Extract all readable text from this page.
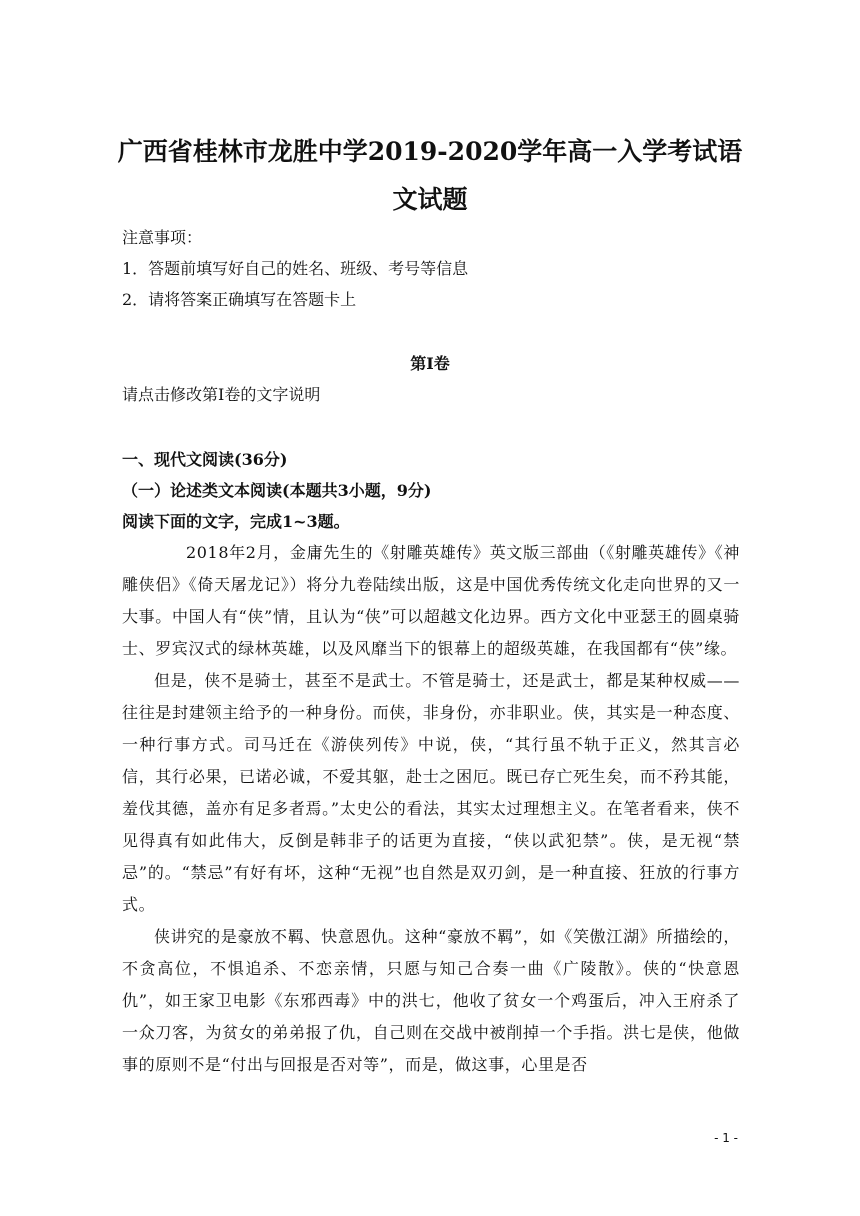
广西省桂林市龙胜中学2019-2020学年高一入学考试语文试题
注意事项：
1．答题前填写好自己的姓名、班级、考号等信息
2．请将答案正确填写在答题卡上
第I卷
请点击修改第I卷的文字说明
一、现代文阅读(36分)
（一）论述类文本阅读(本题共3小题，9分)
阅读下面的文字，完成1~3题。

2018年2月，金庸先生的《射雕英雄传》英文版三部曲（《射雕英雄传》《神雕侠侣》《倚天屠龙记》）将分九卷陆续出版，这是中国优秀传统文化走向世界的又一大事。中国人有“侠”情，且认为“侠”可以超越文化边界。西方文化中亚瑟王的圆桌骑士、罗宾汉式的绿林英雄，以及风靡当下的银幕上的超级英雄，在我国都有“侠”缘。

但是，侠不是骑士，甚至不是武士。不管是骑士，还是武士，都是某种权威——往往是封建领主给予的一种身份。而侠，非身份，亦非职业。侠，其实是一种态度、一种行事方式。司马迁在《游侠列传》中说，侠，“其行虽不轨于正义，然其言必信，其行必果，已诺必诚，不爱其躯，赴士之困厄。既已存亡死生矣，而不矜其能，羞伐其德，盖亦有足多者焉。”太史公的看法，其实太过理想主义。在笔者看来，侠不见得真有如此伟大，反倒是韩非子的话更为直接，“侠以武犯禁”。侠，是无视“禁忌”的。“禁忌”有好有坏，这种“无视”也自然是双刃剑，是一种直接、狂放的行事方式。

侠讲究的是豪放不羁、快意恩仇。这种“豪放不羁”，如《笑傲江湖》所描绘的，不贪高位，不惧追杀、不恋亲情，只愿与知己合奏一曲《广陵散》。侠的“快意恩仇”，如王家卫电影《东邪西毒》中的洪七，他收了贫女一个鸡蛋后，冲入王府杀了一众刀客，为贫女的弟弟报了仇，自己则在交战中被削掉一个手指。洪七是侠，他做事的原则不是“付出与回报是否对等”，而是，做这事，心里是否

- 1 -
